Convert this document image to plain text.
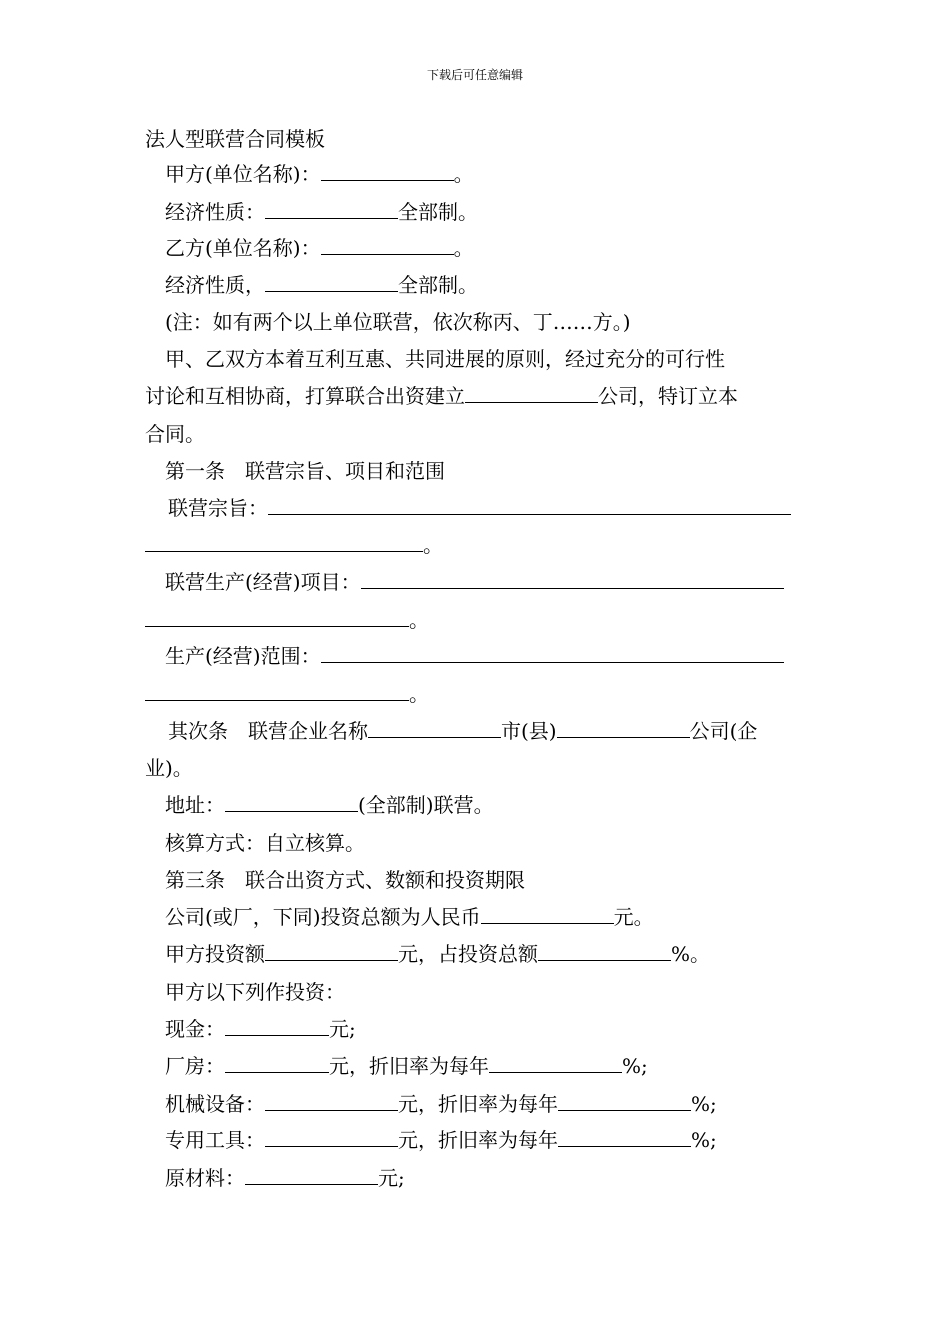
下载后可任意编辑
法人型联营合同模板
甲方(单位名称)：	。
经济性质：	全部制。
乙方(单位名称)：	。
经济性质，	全部制。
(注：如有两个以上单位联营，依次称丙、丁……方。)
甲、乙双方本着互利互惠、共同进展的原则，经过充分的可行性
讨论和互相协商，打算联合出资建立	公司，特订立本
合同。
第一条　联营宗旨、项目和范围
联营宗旨：
。
联营生产(经营)项目：
。
生产(经营)范围：
。
其次条　联营企业名称	市(县)	公司(企
业)。
地址：	(全部制)联营。
核算方式：自立核算。
第三条　联合出资方式、数额和投资期限
公司(或厂，下同)投资总额为人民币	元。
甲方投资额	元，占投资总额	%。
甲方以下列作投资：
现金：	元;
厂房：	元，折旧率为每年	%;
机械设备：	元，折旧率为每年	%;
专用工具：	元，折旧率为每年	%;
原材料：	元;
